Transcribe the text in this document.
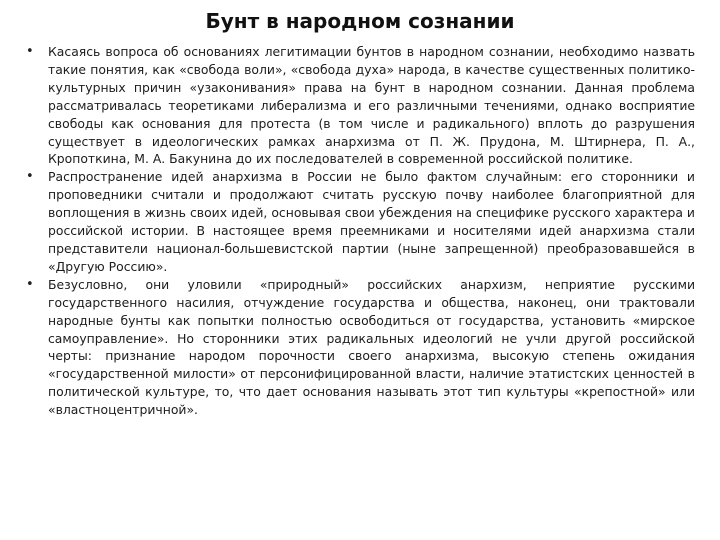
Бунт в народном сознании
• Касаясь вопроса об основаниях легитимации бунтов в народном сознании, необходимо назвать такие понятия, как «свобода воли», «свобода духа» народа, в качестве существенных политико-культурных причин «узаконивания» права на бунт в народном сознании. Данная проблема рассматривалась теоретиками либерализма и его различными течениями, однако восприятие свободы как основания для протеста (в том числе и радикального) вплоть до разрушения существует в идеологических рамках анархизма от П. Ж. Прудона, М. Штирнера, П. А., Кропоткина, М. А. Бакунина до их последователей в современной российской политике.
• Распространение идей анархизма в России не было фактом случайным: его сторонники и проповедники считали и продолжают считать русскую почву наиболее благоприятной для воплощения в жизнь своих идей, основывая свои убеждения на специфике русского характера и российской истории. В настоящее время преемниками и носителями идей анархизма стали представители национал-большевистской партии (ныне запрещенной) преобразовавшейся в «Другую Россию».
• Безусловно, они уловили «природный» российских анархизм, неприятие русскими государственного насилия, отчуждение государства и общества, наконец, они трактовали народные бунты как попытки полностью освободиться от государства, установить «мирское самоуправление». Но сторонники этих радикальных идеологий не учли другой российской черты: признание народом порочности своего анархизма, высокую степень ожидания «государственной милости» от персонифицированной власти, наличие этатистских ценностей в политической культуре, то, что дает основания называть этот тип культуры «крепостной» или «властноцентричной».
